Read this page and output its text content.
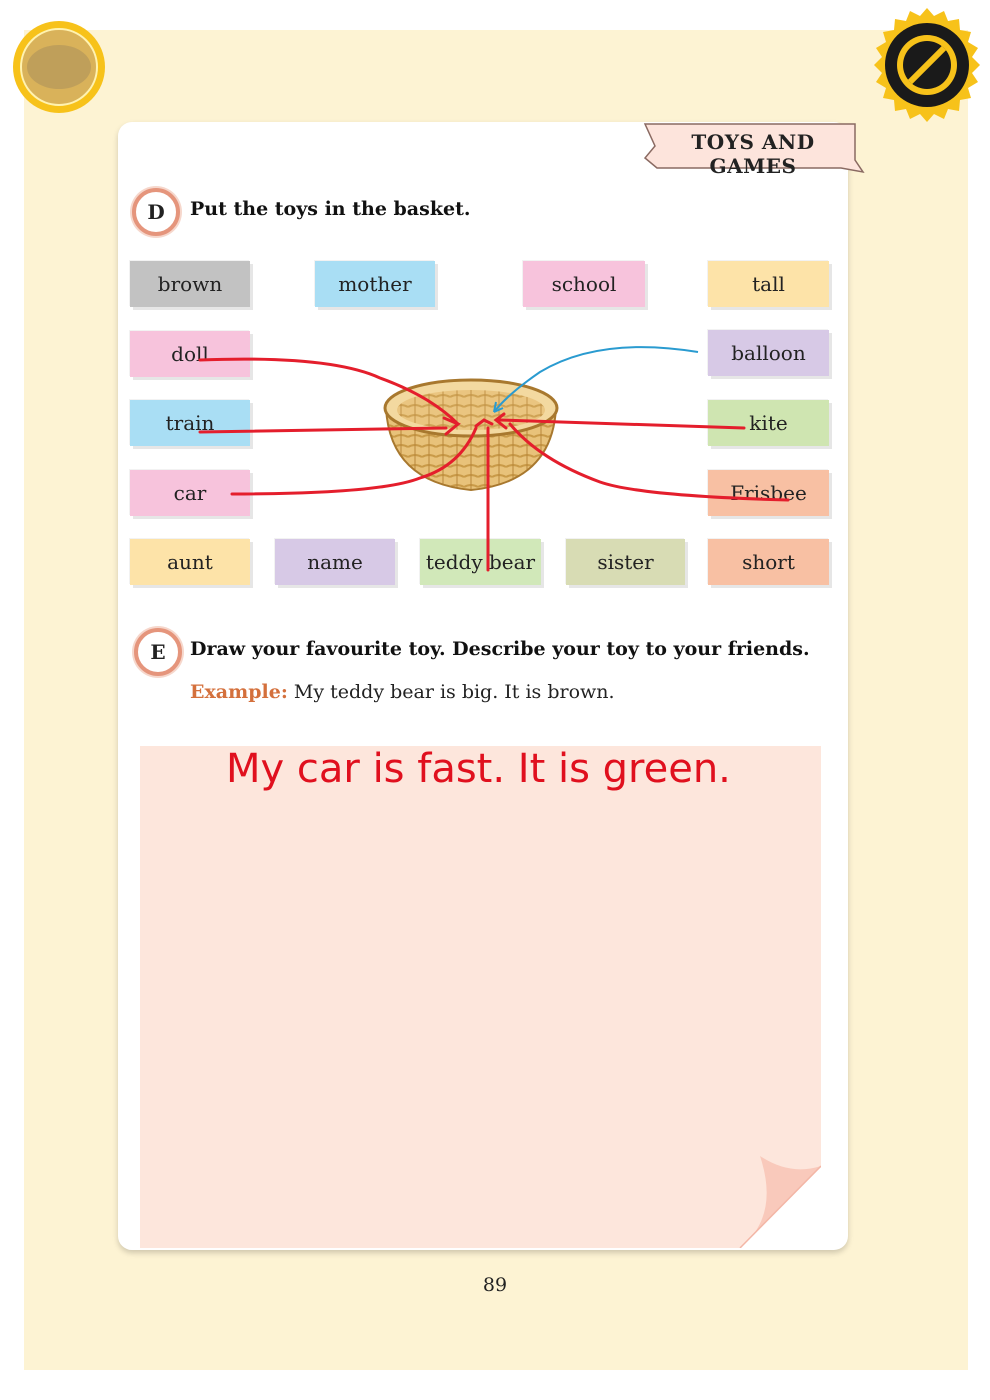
TOYS AND GAMES
D	Put the toys in the basket.
brown	mother	school	tall
doll	balloon
train	kite
car	Frisbee
aunt	name	teddy bear	sister	short
E	Draw your favourite toy. Describe your toy to your friends.
Example: My teddy bear is big. It is brown.
My car is fast. It is green.
89
